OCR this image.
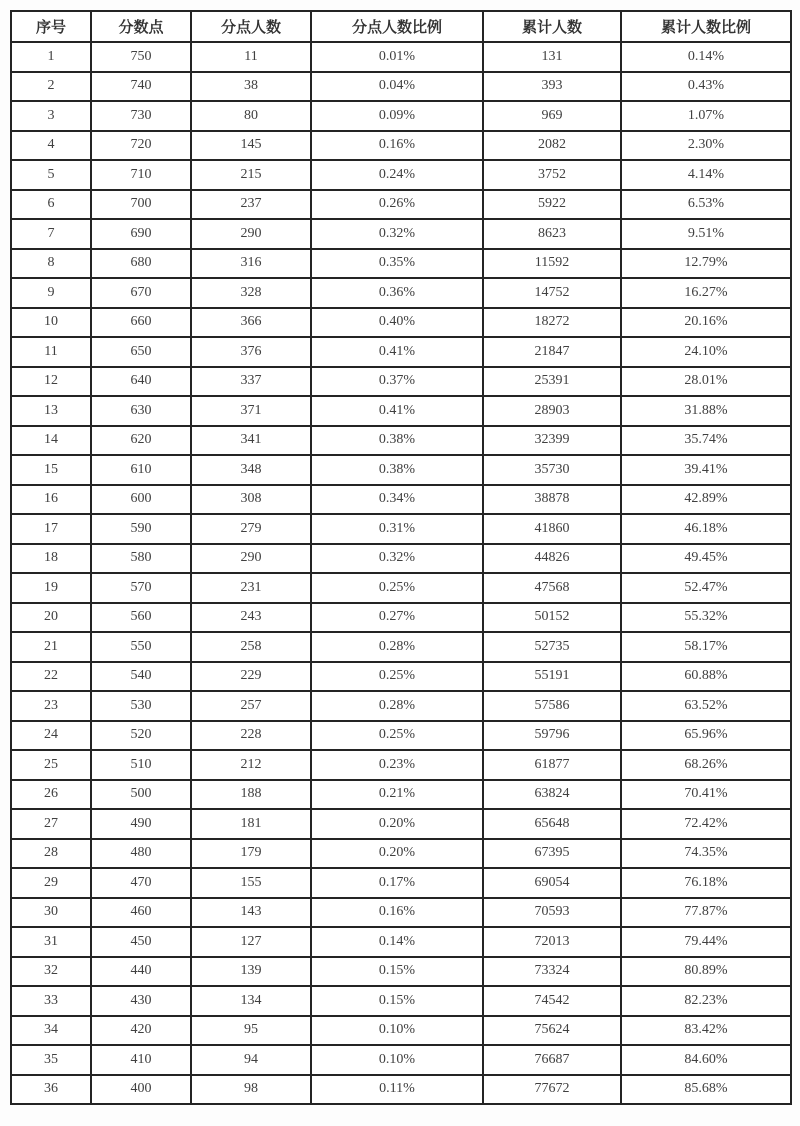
序号	分数点	分点人数	分点人数比例	累计人数	累计人数比例
1	750	11	0.01%	131	0.14%
2	740	38	0.04%	393	0.43%
3	730	80	0.09%	969	1.07%
4	720	145	0.16%	2082	2.30%
5	710	215	0.24%	3752	4.14%
6	700	237	0.26%	5922	6.53%
7	690	290	0.32%	8623	9.51%
8	680	316	0.35%	11592	12.79%
9	670	328	0.36%	14752	16.27%
10	660	366	0.40%	18272	20.16%
11	650	376	0.41%	21847	24.10%
12	640	337	0.37%	25391	28.01%
13	630	371	0.41%	28903	31.88%
14	620	341	0.38%	32399	35.74%
15	610	348	0.38%	35730	39.41%
16	600	308	0.34%	38878	42.89%
17	590	279	0.31%	41860	46.18%
18	580	290	0.32%	44826	49.45%
19	570	231	0.25%	47568	52.47%
20	560	243	0.27%	50152	55.32%
21	550	258	0.28%	52735	58.17%
22	540	229	0.25%	55191	60.88%
23	530	257	0.28%	57586	63.52%
24	520	228	0.25%	59796	65.96%
25	510	212	0.23%	61877	68.26%
26	500	188	0.21%	63824	70.41%
27	490	181	0.20%	65648	72.42%
28	480	179	0.20%	67395	74.35%
29	470	155	0.17%	69054	76.18%
30	460	143	0.16%	70593	77.87%
31	450	127	0.14%	72013	79.44%
32	440	139	0.15%	73324	80.89%
33	430	134	0.15%	74542	82.23%
34	420	95	0.10%	75624	83.42%
35	410	94	0.10%	76687	84.60%
36	400	98	0.11%	77672	85.68%
